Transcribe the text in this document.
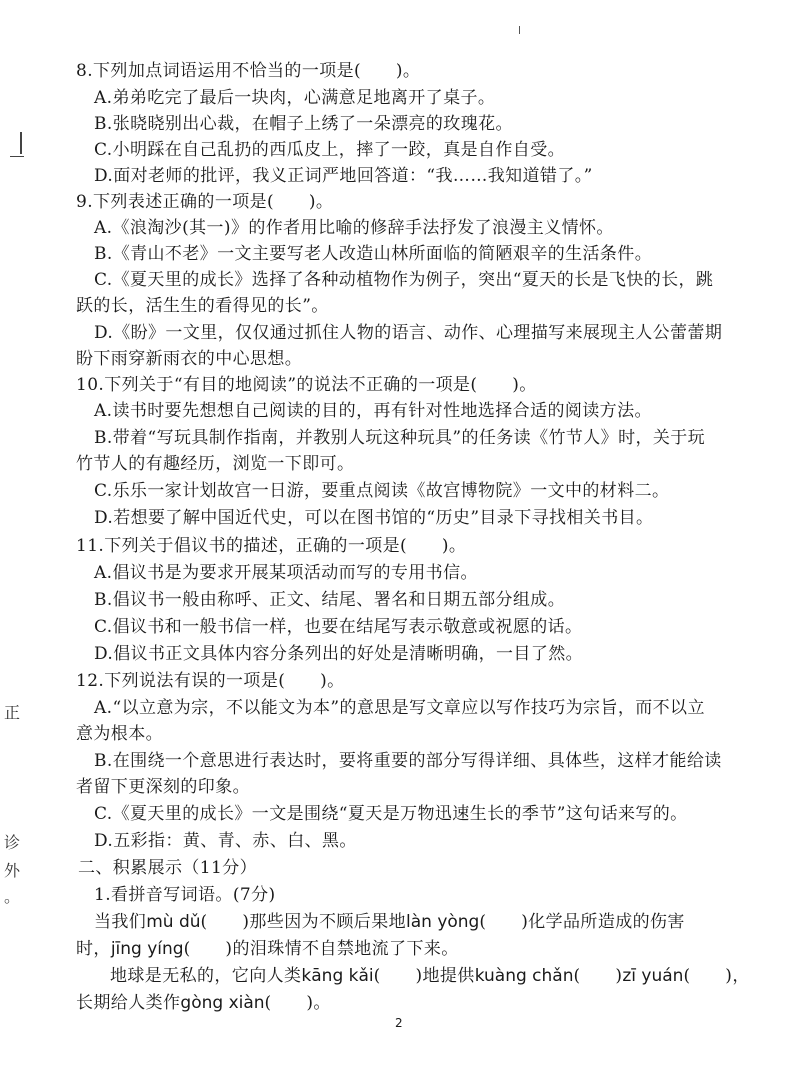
正
诊
外
。
8.下列加点词语运用不恰当的一项是(　　)。
A.弟弟吃完了最后一块肉，心满意足地离开了桌子。
B.张晓晓别出心裁，在帽子上绣了一朵漂亮的玫瑰花。
C.小明踩在自己乱扔的西瓜皮上，摔了一跤，真是自作自受。
D.面对老师的批评，我义正词严地回答道：“我……我知道错了。”
9.下列表述正确的一项是(　　)。
A.《浪淘沙(其一)》的作者用比喻的修辞手法抒发了浪漫主义情怀。
B.《青山不老》一文主要写老人改造山林所面临的简陋艰辛的生活条件。
C.《夏天里的成长》选择了各种动植物作为例子，突出“夏天的长是飞快的长，跳
跃的长，活生生的看得见的长”。
D.《盼》一文里，仅仅通过抓住人物的语言、动作、心理描写来展现主人公蕾蕾期
盼下雨穿新雨衣的中心思想。
10.下列关于“有目的地阅读”的说法不正确的一项是(　　)。
A.读书时要先想想自己阅读的目的，再有针对性地选择合适的阅读方法。
B.带着“写玩具制作指南，并教别人玩这种玩具”的任务读《竹节人》时，关于玩
竹节人的有趣经历，浏览一下即可。
C.乐乐一家计划故宫一日游，要重点阅读《故宫博物院》一文中的材料二。
D.若想要了解中国近代史，可以在图书馆的“历史”目录下寻找相关书目。
11.下列关于倡议书的描述，正确的一项是(　　)。
A.倡议书是为要求开展某项活动而写的专用书信。
B.倡议书一般由称呼、正文、结尾、署名和日期五部分组成。
C.倡议书和一般书信一样，也要在结尾写表示敬意或祝愿的话。
D.倡议书正文具体内容分条列出的好处是清晰明确，一目了然。
12.下列说法有误的一项是(　　)。
A.“以立意为宗，不以能文为本”的意思是写文章应以写作技巧为宗旨，而不以立
意为根本。
B.在围绕一个意思进行表达时，要将重要的部分写得详细、具体些，这样才能给读
者留下更深刻的印象。
C.《夏天里的成长》一文是围绕“夏天是万物迅速生长的季节”这句话来写的。
D.五彩指：黄、青、赤、白、黑。
二、积累展示（11分）
1.看拼音写词语。(7分)
当我们mù dǔ(　　)那些因为不顾后果地làn yòng(　　)化学品所造成的伤害
时，jīng yíng(　　)的泪珠情不自禁地流了下来。
地球是无私的，它向人类kāng kǎi(　　)地提供kuàng chǎn(　　)zī yuán(　　)，
长期给人类作gòng xiàn(　　)。
2
